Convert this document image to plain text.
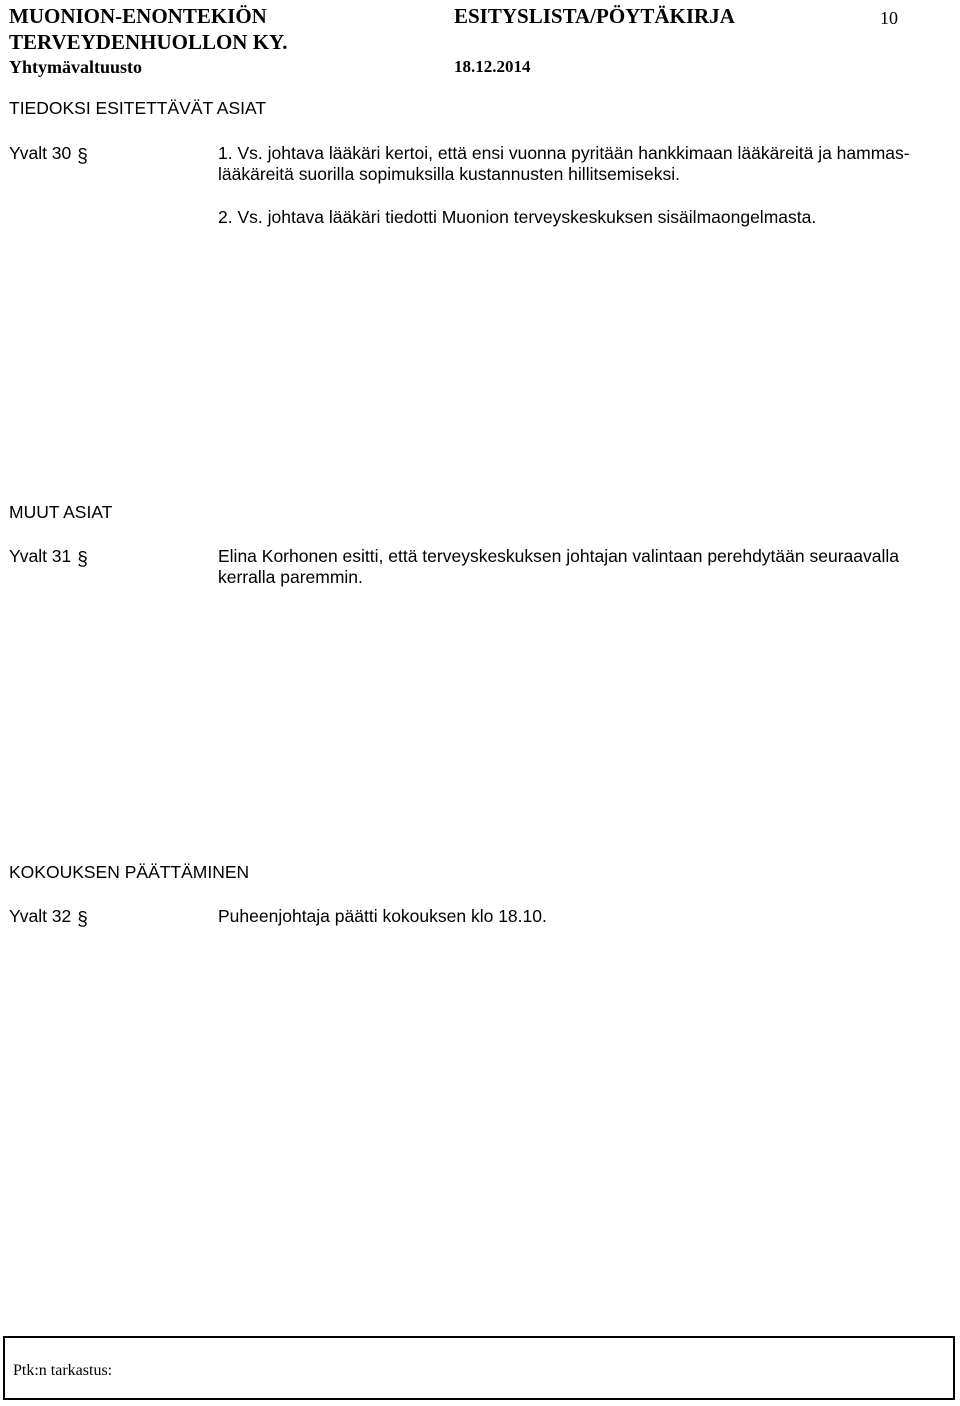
MUONION-ENONTEKIÖN
TERVEYDENHUOLLON KY.
Yhtymävaltuusto
ESITYSLISTA/PÖYTÄKIRJA
18.12.2014
10
TIEDOKSI ESITETTÄVÄT ASIAT
Yvalt 30 §	1. Vs. johtava lääkäri kertoi, että ensi vuonna pyritään hankkimaan lääkäreitä ja hammas-
lääkäreitä suorilla sopimuksilla kustannusten hillitsemiseksi.
2. Vs. johtava lääkäri tiedotti Muonion terveyskeskuksen sisäilmaongelmasta.
MUUT ASIAT
Yvalt 31 §	Elina Korhonen esitti, että terveyskeskuksen johtajan valintaan perehdytään seuraavalla
kerralla paremmin.
KOKOUKSEN PÄÄTTÄMINEN
Yvalt 32 §	Puheenjohtaja päätti kokouksen klo 18.10.
Ptk:n tarkastus:
